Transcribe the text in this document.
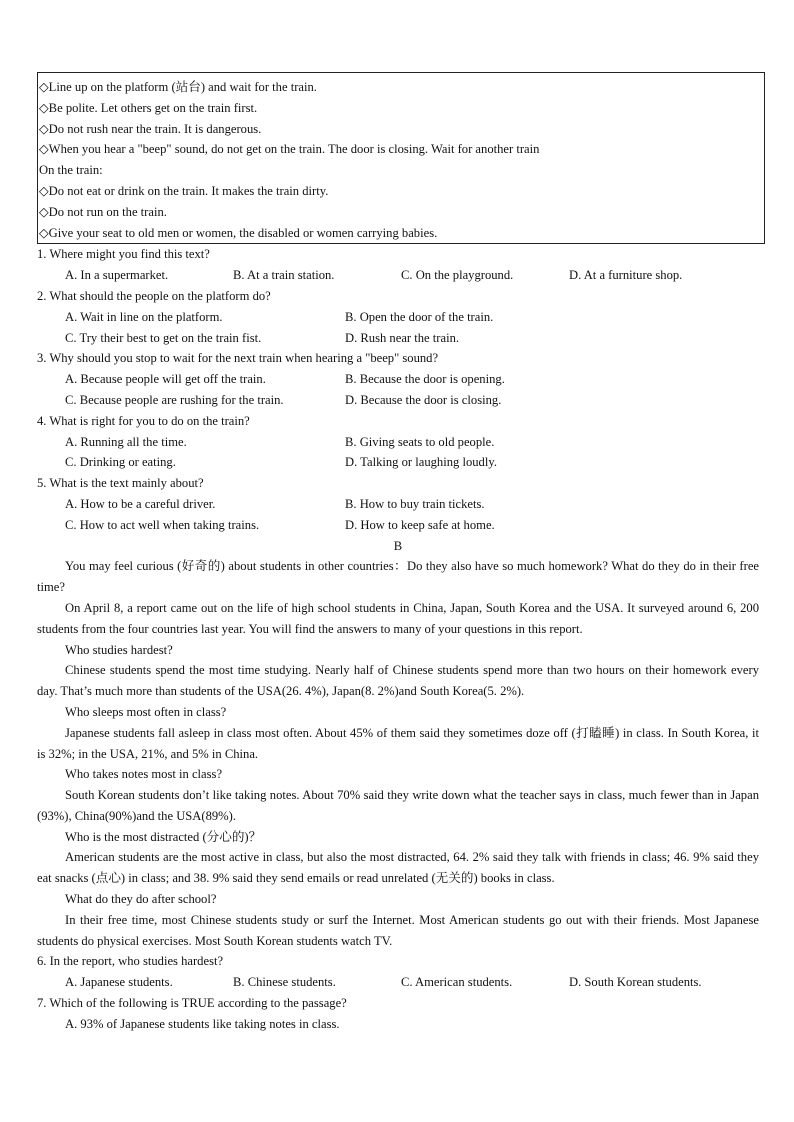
◇Line up on the platform (站台) and wait for the train.
◇Be polite. Let others get on the train first.
◇Do not rush near the train. It is dangerous.
◇When you hear a "beep" sound, do not get on the train. The door is closing. Wait for another train
On the train:
◇Do not eat or drink on the train. It makes the train dirty.
◇Do not run on the train.
◇Give your seat to old men or women, the disabled or women carrying babies.
1. Where might you find this text?
A. In a supermarket.	B. At a train station.	C. On the playground.	D. At a furniture shop.
2. What should the people on the platform do?
A. Wait in line on the platform.	B. Open the door of the train.
C. Try their best to get on the train fist.	D. Rush near the train.
3. Why should you stop to wait for the next train when hearing a "beep" sound?
A. Because people will get off the train.	B. Because the door is opening.
C. Because people are rushing for the train.	D. Because the door is closing.
4. What is right for you to do on the train?
A. Running all the time.	B. Giving seats to old people.
C. Drinking or eating.	D. Talking or laughing loudly.
5. What is the text mainly about?
A. How to be a careful driver.	B. How to buy train tickets.
C. How to act well when taking trains.	D. How to keep safe at home.
B

You may feel curious (好奇的) about students in other countries：Do they also have so much homework? What do they do in their free time?

On April 8, a report came out on the life of high school students in China, Japan, South Korea and the USA. It surveyed around 6, 200 students from the four countries last year. You will find the answers to many of your questions in this report.

Who studies hardest?

Chinese students spend the most time studying. Nearly half of Chinese students spend more than two hours on their homework every day. That’s much more than students of the USA(26. 4%), Japan(8. 2%)and South Korea(5. 2%).

Who sleeps most often in class?

Japanese students fall asleep in class most often. About 45% of them said they sometimes doze off (打瞌睡) in class. In South Korea, it is 32%; in the USA, 21%, and 5% in China.

Who takes notes most in class?

South Korean students don’t like taking notes. About 70% said they write down what the teacher says in class, much fewer than in Japan (93%), China(90%)and the USA(89%).

Who is the most distracted (分心的)？

American students are the most active in class, but also the most distracted, 64. 2% said they talk with friends in class; 46. 9% said they eat snacks (点心) in class; and 38. 9% said they send emails or read unrelated (无关的) books in class.

What do they do after school?

In their free time, most Chinese students study or surf the Internet. Most American students go out with their friends. Most Japanese students do physical exercises. Most South Korean students watch TV.

6. In the report, who studies hardest?
A. Japanese students.	B. Chinese students.	C. American students.	D. South Korean students.
7. Which of the following is TRUE according to the passage?
A. 93% of Japanese students like taking notes in class.
